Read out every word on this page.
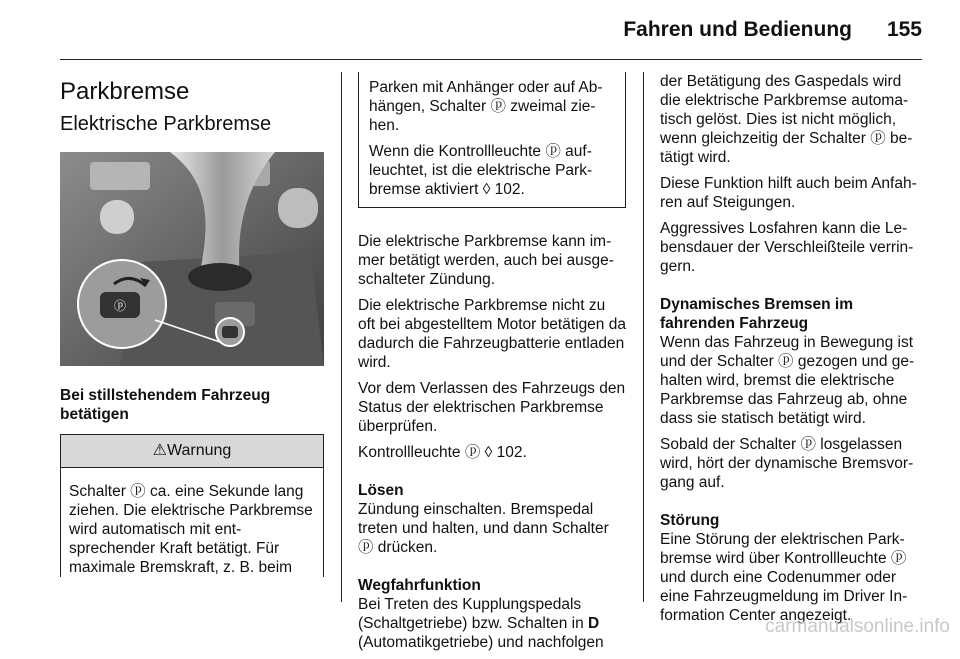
Fahren und Bedienung 155
Parkbremse
Elektrische Parkbremse
ⓟ
Bei stillstehendem Fahrzeug betätigen
⚠Warnung

Schalter ⓟ ca. eine Sekunde lang ziehen. Die elektrische Parkbremse wird automatisch mit entsprechender Kraft betätigt. Für maximale Bremskraft, z. B. beim

Parken mit Anhänger oder auf Abhängen, Schalter ⓟ zweimal ziehen.

Wenn die Kontrollleuchte ⓟ aufleuchtet, ist die elektrische Parkbremse aktiviert ◊ 102.

Die elektrische Parkbremse kann immer betätigt werden, auch bei ausgeschalteter Zündung.

Die elektrische Parkbremse nicht zu oft bei abgestelltem Motor betätigen da dadurch die Fahrzeugbatterie entladen wird.

Vor dem Verlassen des Fahrzeugs den Status der elektrischen Parkbremse überprüfen.

Kontrollleuchte ⓟ ◊ 102.

Lösen

Zündung einschalten. Bremspedal treten und halten, und dann Schalter ⓟ drücken.

Wegfahrfunktion

Bei Treten des Kupplungspedals (Schaltgetriebe) bzw. Schalten in D (Automatikgetriebe) und nachfolgen

der Betätigung des Gaspedals wird die elektrische Parkbremse automatisch gelöst. Dies ist nicht möglich, wenn gleichzeitig der Schalter ⓟ betätigt wird.

Diese Funktion hilft auch beim Anfahren auf Steigungen.

Aggressives Losfahren kann die Lebensdauer der Verschleißteile verringern.

Dynamisches Bremsen im fahrenden Fahrzeug

Wenn das Fahrzeug in Bewegung ist und der Schalter ⓟ gezogen und gehalten wird, bremst die elektrische Parkbremse das Fahrzeug ab, ohne dass sie statisch betätigt wird.

Sobald der Schalter ⓟ losgelassen wird, hört der dynamische Bremsvorgang auf.

Störung

Eine Störung der elektrischen Parkbremse wird über Kontrollleuchte ⓟ und durch eine Codenummer oder eine Fahrzeugmeldung im Driver Information Center angezeigt.

carmanualsonline.info
